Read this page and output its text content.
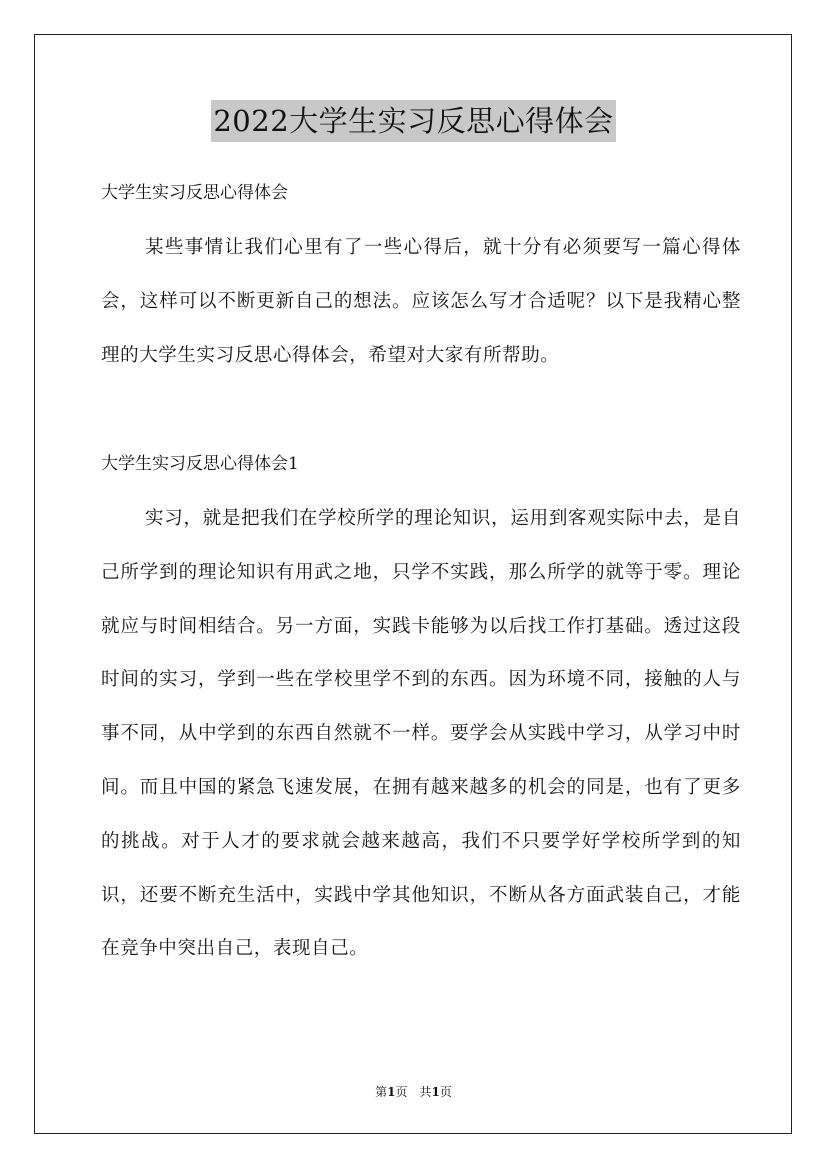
2022大学生实习反思心得体会
大学生实习反思心得体会

某些事情让我们心里有了一些心得后，就十分有必须要写一篇心得体会，这样可以不断更新自己的想法。应该怎么写才合适呢？以下是我精心整理的大学生实习反思心得体会，希望对大家有所帮助。

大学生实习反思心得体会1

实习，就是把我们在学校所学的理论知识，运用到客观实际中去，是自己所学到的理论知识有用武之地，只学不实践，那么所学的就等于零。理论就应与时间相结合。另一方面，实践卡能够为以后找工作打基础。透过这段时间的实习，学到一些在学校里学不到的东西。因为环境不同，接触的人与事不同，从中学到的东西自然就不一样。要学会从实践中学习，从学习中时间。而且中国的紧急飞速发展，在拥有越来越多的机会的同是，也有了更多的挑战。对于人才的要求就会越来越高，我们不只要学好学校所学到的知识，还要不断充生活中，实践中学其他知识，不断从各方面武装自己，才能在竞争中突出自己，表现自己。

第1页　共1页
